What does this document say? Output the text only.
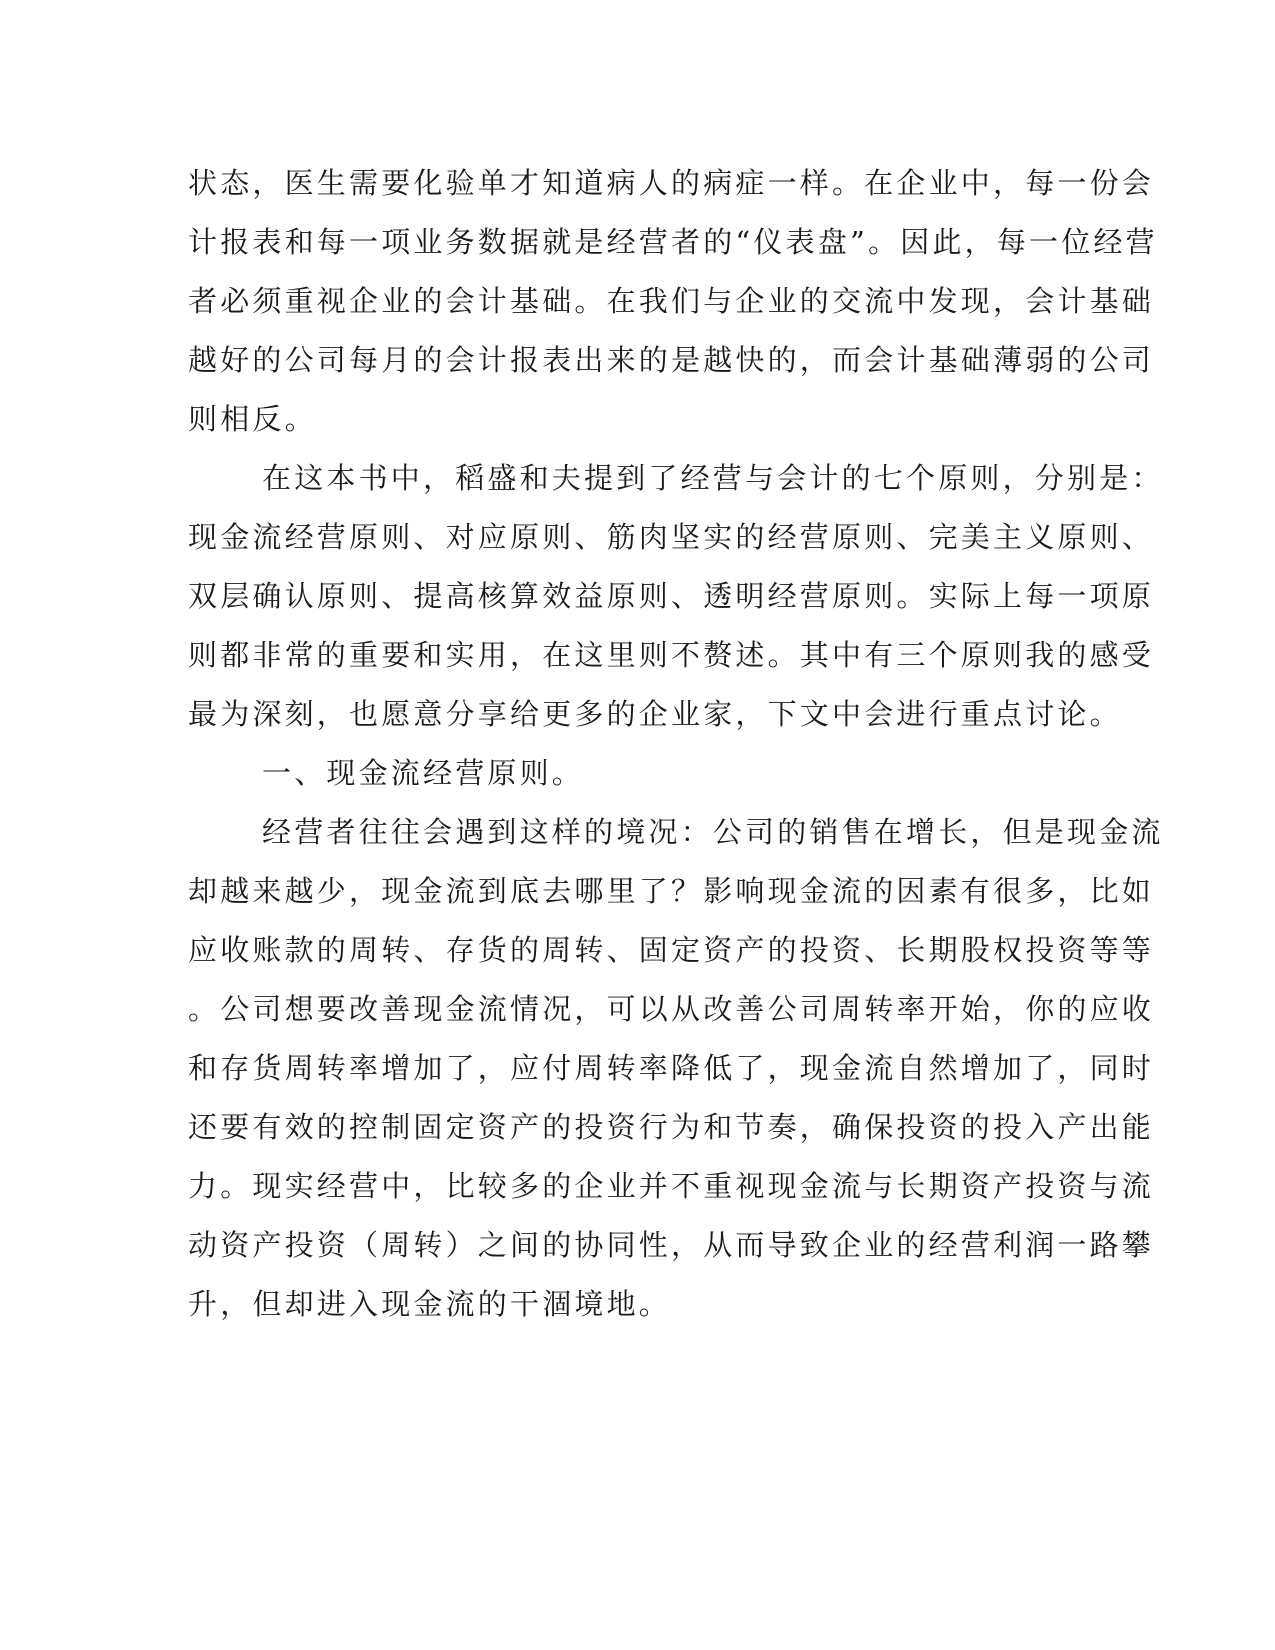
状态，医生需要化验单才知道病人的病症一样。在企业中，每一份会
计报表和每一项业务数据就是经营者的“仪表盘”。因此，每一位经营
者必须重视企业的会计基础。在我们与企业的交流中发现，会计基础
越好的公司每月的会计报表出来的是越快的，而会计基础薄弱的公司
则相反。
在这本书中，稻盛和夫提到了经营与会计的七个原则，分别是：
现金流经营原则、对应原则、筋肉坚实的经营原则、完美主义原则、
双层确认原则、提高核算效益原则、透明经营原则。实际上每一项原
则都非常的重要和实用，在这里则不赘述。其中有三个原则我的感受
最为深刻，也愿意分享给更多的企业家，下文中会进行重点讨论。
一、现金流经营原则。
经营者往往会遇到这样的境况：公司的销售在增长，但是现金流
却越来越少，现金流到底去哪里了？影响现金流的因素有很多，比如
应收账款的周转、存货的周转、固定资产的投资、长期股权投资等等
。公司想要改善现金流情况，可以从改善公司周转率开始，你的应收
和存货周转率增加了，应付周转率降低了，现金流自然增加了，同时
还要有效的控制固定资产的投资行为和节奏，确保投资的投入产出能
力。现实经营中，比较多的企业并不重视现金流与长期资产投资与流
动资产投资（周转）之间的协同性，从而导致企业的经营利润一路攀
升，但却进入现金流的干涸境地。
